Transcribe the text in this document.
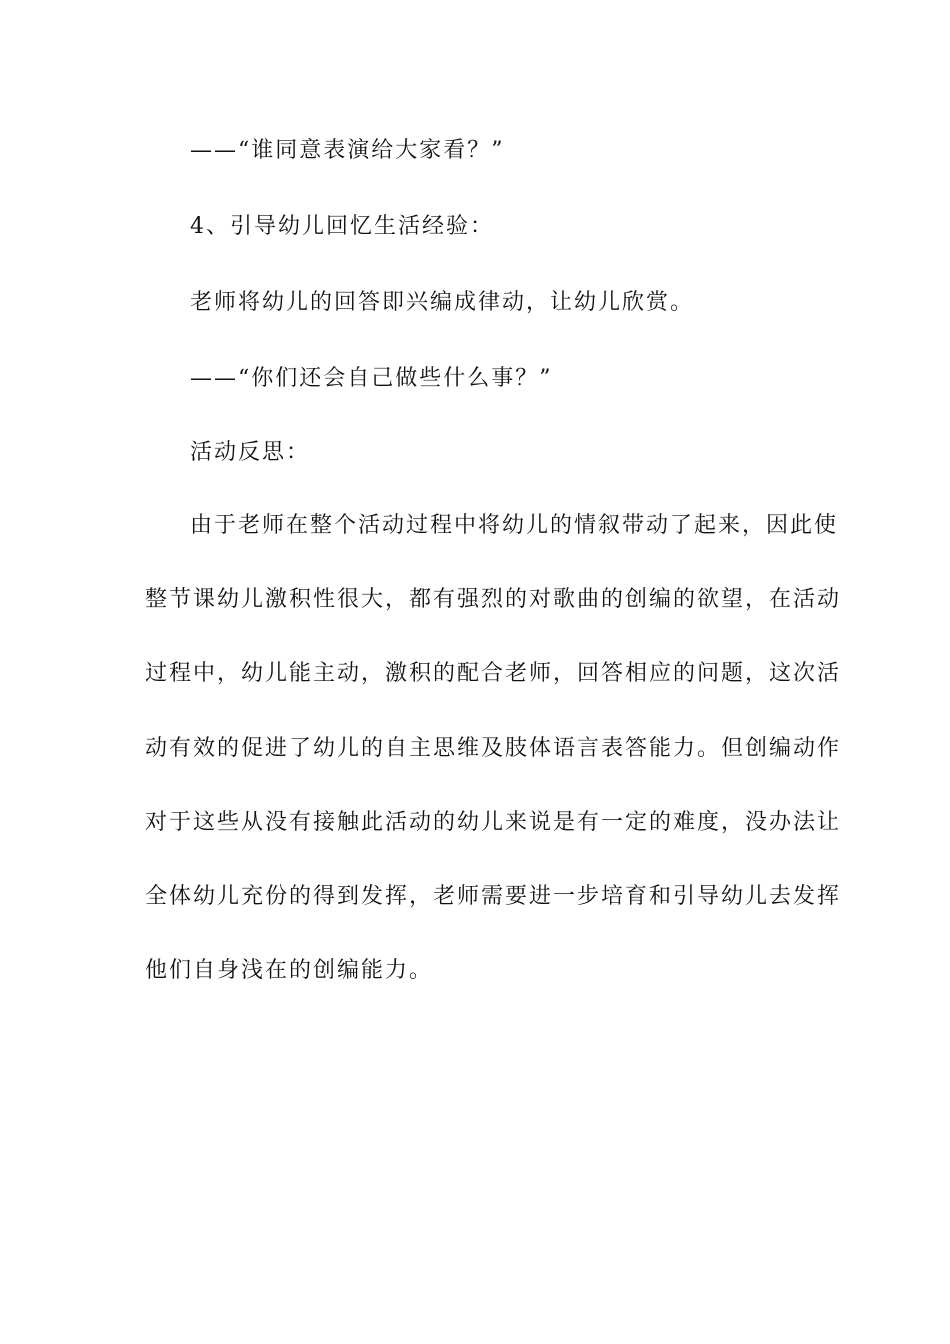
——“谁同意表演给大家看？”
4、引导幼儿回忆生活经验：
老师将幼儿的回答即兴编成律动，让幼儿欣赏。
——“你们还会自己做些什么事？”
活动反思：
由于老师在整个活动过程中将幼儿的情叙带动了起来，因此使
整节课幼儿激积性很大，都有强烈的对歌曲的创编的欲望，在活动
过程中，幼儿能主动，激积的配合老师，回答相应的问题，这次活
动有效的促进了幼儿的自主思维及肢体语言表答能力。但创编动作
对于这些从没有接触此活动的幼儿来说是有一定的难度，没办法让
全体幼儿充份的得到发挥，老师需要进一步培育和引导幼儿去发挥
他们自身浅在的创编能力。
